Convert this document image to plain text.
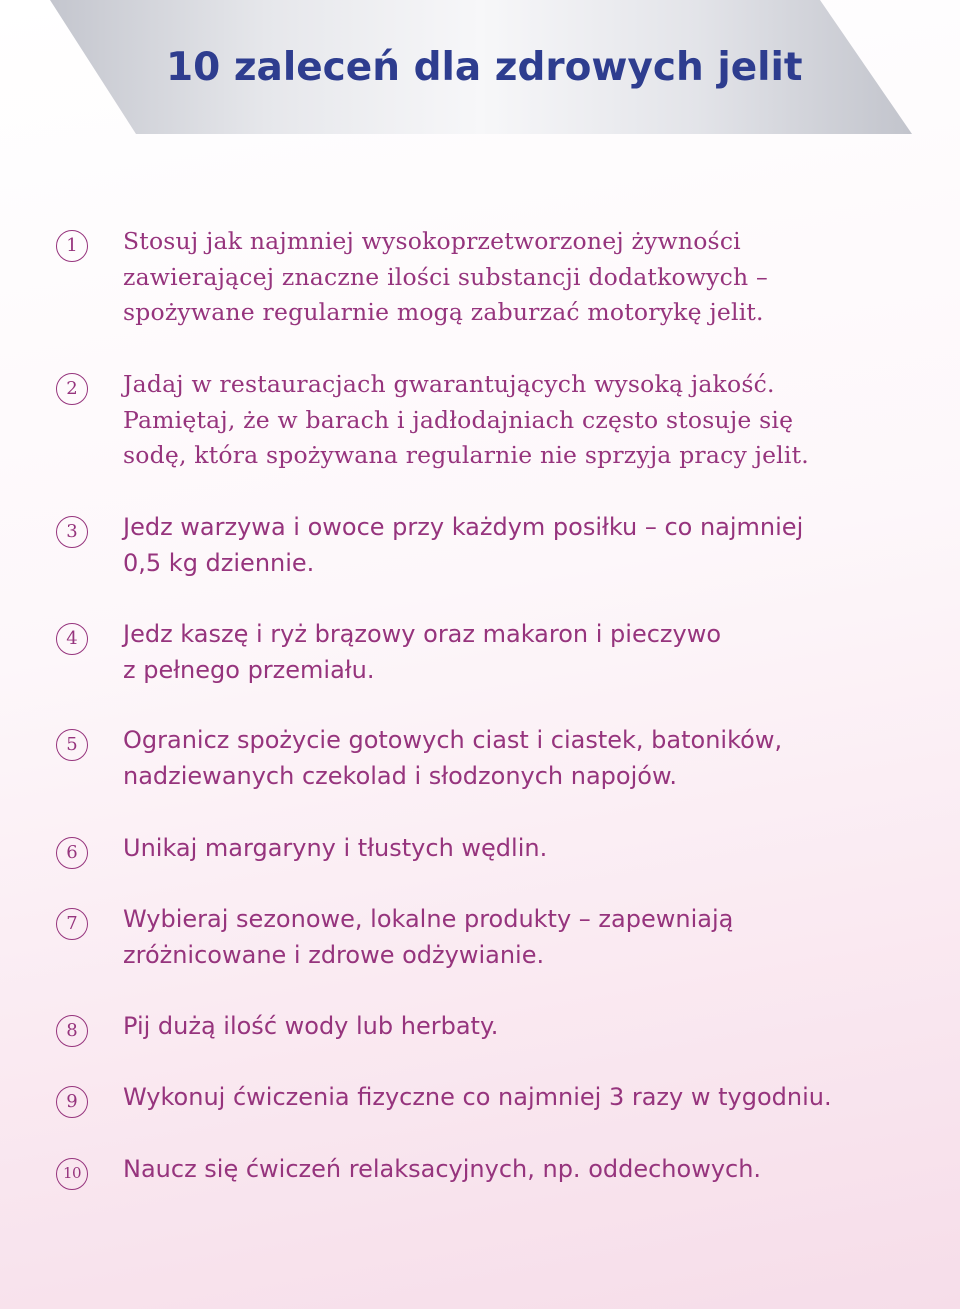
10 zaleceń dla zdrowych jelit
1	Stosuj jak najmniej wysokoprzetworzonej żywności
zawierającej znaczne ilości substancji dodatkowych –
spożywane regularnie mogą zaburzać motorykę jelit.

2	Jadaj w restauracjach gwarantujących wysoką jakość.
Pamiętaj, że w barach i jadłodajniach często stosuje się
sodę, która spożywana regularnie nie sprzyja pracy jelit.

3	Jedz warzywa i owoce przy każdym posiłku – co najmniej
0,5 kg dziennie.

4	Jedz kaszę i ryż brązowy oraz makaron i pieczywo
z pełnego przemiału.

5	Ogranicz spożycie gotowych ciast i ciastek, batoników,
nadziewanych czekolad i słodzonych napojów.

6	Unikaj margaryny i tłustych wędlin.

7	Wybieraj sezonowe, lokalne produkty – zapewniają
zróżnicowane i zdrowe odżywianie.

8	Pij dużą ilość wody lub herbaty.

9	Wykonuj ćwiczenia fizyczne co najmniej 3 razy w tygodniu.

10 Naucz się ćwiczeń relaksacyjnych, np. oddechowych.
